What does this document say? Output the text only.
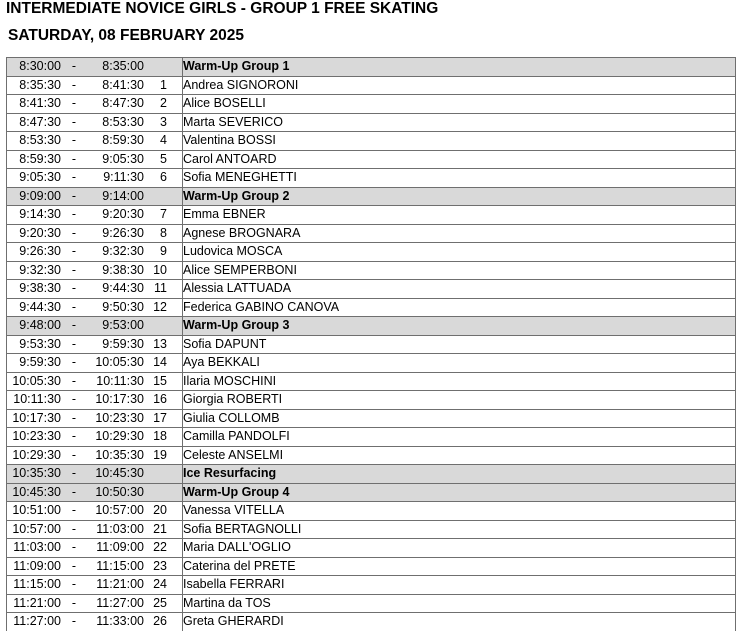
INTERMEDIATE NOVICE GIRLS - GROUP 1 FREE SKATING
SATURDAY, 08 FEBRUARY 2025
8:30:00 - 8:35:00	Warm-Up Group 1
8:35:30 - 8:41:30 1	Andrea SIGNORONI
8:41:30 - 8:47:30 2	Alice BOSELLI
8:47:30 - 8:53:30 3	Marta SEVERICO
8:53:30 - 8:59:30 4	Valentina BOSSI
8:59:30 - 9:05:30 5	Carol ANTOARD
9:05:30 - 9:11:30 6	Sofia MENEGHETTI
9:09:00 - 9:14:00	Warm-Up Group 2
9:14:30 - 9:20:30 7	Emma EBNER
9:20:30 - 9:26:30 8	Agnese BROGNARA
9:26:30 - 9:32:30 9	Ludovica MOSCA
9:32:30 - 9:38:30 10	Alice SEMPERBONI
9:38:30 - 9:44:30 11	Alessia LATTUADA
9:44:30 - 9:50:30 12	Federica GABINO CANOVA
9:48:00 - 9:53:00	Warm-Up Group 3
9:53:30 - 9:59:30 13	Sofia DAPUNT
9:59:30 - 10:05:30 14	Aya BEKKALI
10:05:30 - 10:11:30 15	Ilaria MOSCHINI
10:11:30 - 10:17:30 16	Giorgia ROBERTI
10:17:30 - 10:23:30 17	Giulia COLLOMB
10:23:30 - 10:29:30 18	Camilla PANDOLFI
10:29:30 - 10:35:30 19	Celeste ANSELMI
10:35:30 - 10:45:30	Ice Resurfacing
10:45:30 - 10:50:30	Warm-Up Group 4
10:51:00 - 10:57:00 20	Vanessa VITELLA
10:57:00 - 11:03:00 21	Sofia BERTAGNOLLI
11:03:00 - 11:09:00 22	Maria DALL'OGLIO
11:09:00 - 11:15:00 23	Caterina del PRETE
11:15:00 - 11:21:00 24	Isabella FERRARI
11:21:00 - 11:27:00 25	Martina da TOS
11:27:00 - 11:33:00 26	Greta GHERARDI
